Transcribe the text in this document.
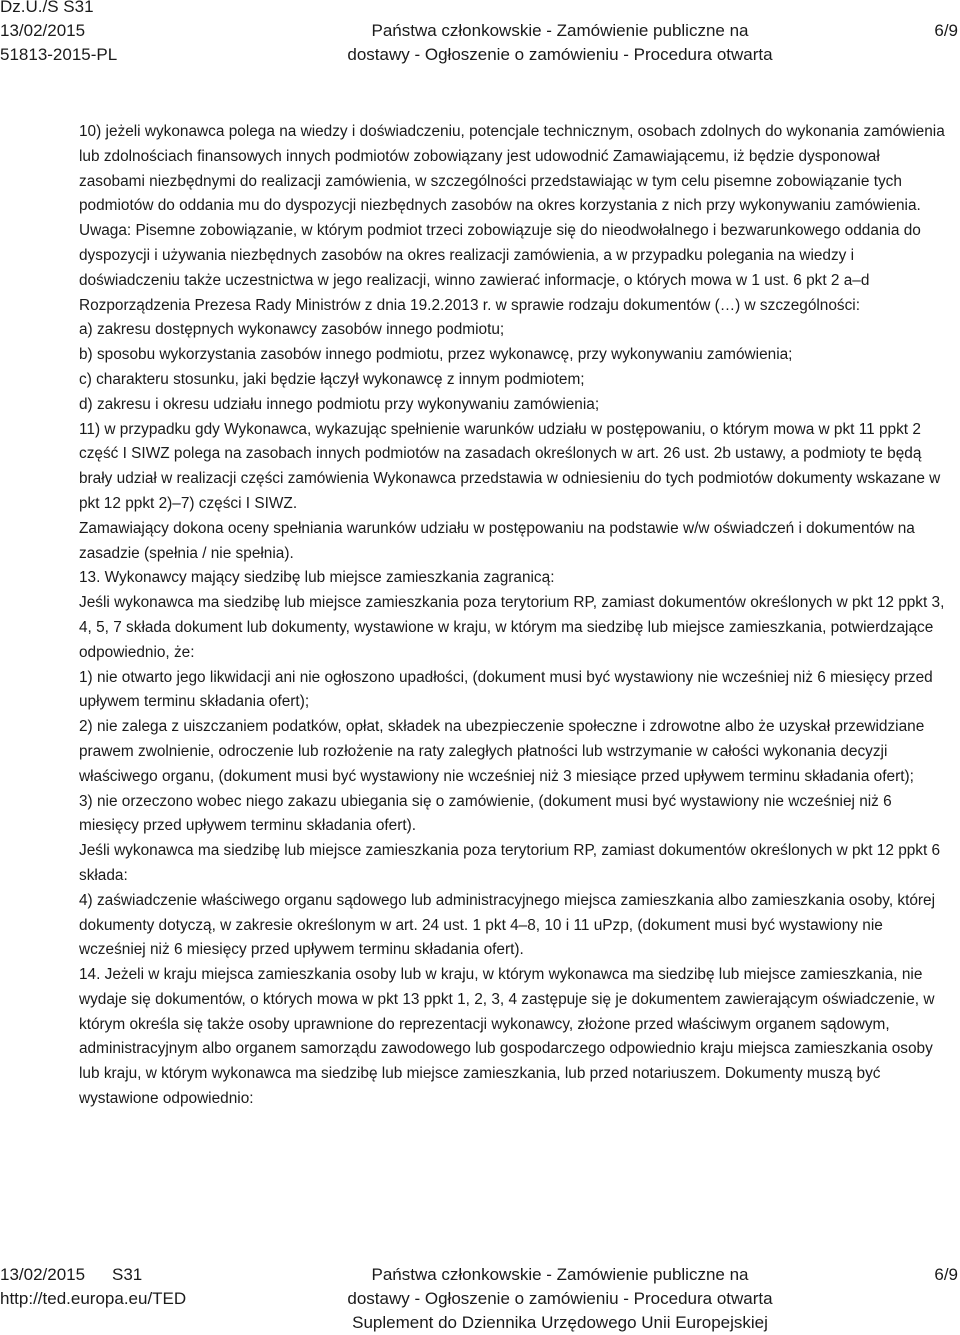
Dz.U./S S31
13/02/2015
51813-2015-PL
Państwa członkowskie - Zamówienie publiczne na
dostawy - Ogłoszenie o zamówieniu - Procedura otwarta
6/9

10) jeżeli wykonawca polega na wiedzy i doświadczeniu, potencjale technicznym, osobach zdolnych do wykonania zamówienia lub zdolnościach finansowych innych podmiotów zobowiązany jest udowodnić Zamawiającemu, iż będzie dysponował zasobami niezbędnymi do realizacji zamówienia, w szczególności przedstawiając w tym celu pisemne zobowiązanie tych podmiotów do oddania mu do dyspozycji niezbędnych zasobów na okres korzystania z nich przy wykonywaniu zamówienia.

Uwaga: Pisemne zobowiązanie, w którym podmiot trzeci zobowiązuje się do nieodwołalnego i bezwarunkowego oddania do dyspozycji i używania niezbędnych zasobów na okres realizacji zamówienia, a w przypadku polegania na wiedzy i doświadczeniu także uczestnictwa w jego realizacji, winno zawierać informacje, o których mowa w 1 ust. 6 pkt 2 a–d Rozporządzenia Prezesa Rady Ministrów z dnia 19.2.2013 r. w sprawie rodzaju dokumentów (…) w szczególności:

a) zakresu dostępnych wykonawcy zasobów innego podmiotu;

b) sposobu wykorzystania zasobów innego podmiotu, przez wykonawcę, przy wykonywaniu zamówienia;

c) charakteru stosunku, jaki będzie łączył wykonawcę z innym podmiotem;

d) zakresu i okresu udziału innego podmiotu przy wykonywaniu zamówienia;

11) w przypadku gdy Wykonawca, wykazując spełnienie warunków udziału w postępowaniu, o którym mowa w pkt 11 ppkt 2 część I SIWZ polega na zasobach innych podmiotów na zasadach określonych w art. 26 ust. 2b ustawy, a podmioty te będą brały udział w realizacji części zamówienia Wykonawca przedstawia w odniesieniu do tych podmiotów dokumenty wskazane w pkt 12 ppkt 2)–7) części I SIWZ.

Zamawiający dokona oceny spełniania warunków udziału w postępowaniu na podstawie w/w oświadczeń i dokumentów na zasadzie (spełnia / nie spełnia).

13. Wykonawcy mający siedzibę lub miejsce zamieszkania zagranicą:

Jeśli wykonawca ma siedzibę lub miejsce zamieszkania poza terytorium RP, zamiast dokumentów określonych w pkt 12 ppkt 3, 4, 5, 7 składa dokument lub dokumenty, wystawione w kraju, w którym ma siedzibę lub miejsce zamieszkania, potwierdzające odpowiednio, że:

1) nie otwarto jego likwidacji ani nie ogłoszono upadłości, (dokument musi być wystawiony nie wcześniej niż 6 miesięcy przed upływem terminu składania ofert);

2) nie zalega z uiszczaniem podatków, opłat, składek na ubezpieczenie społeczne i zdrowotne albo że uzyskał przewidziane prawem zwolnienie, odroczenie lub rozłożenie na raty zaległych płatności lub wstrzymanie w całości wykonania decyzji właściwego organu, (dokument musi być wystawiony nie wcześniej niż 3 miesiące przed upływem terminu składania ofert);

3) nie orzeczono wobec niego zakazu ubiegania się o zamówienie, (dokument musi być wystawiony nie wcześniej niż 6 miesięcy przed upływem terminu składania ofert).

Jeśli wykonawca ma siedzibę lub miejsce zamieszkania poza terytorium RP, zamiast dokumentów określonych w pkt 12 ppkt 6 składa:

4) zaświadczenie właściwego organu sądowego lub administracyjnego miejsca zamieszkania albo zamieszkania osoby, której dokumenty dotyczą, w zakresie określonym w art. 24 ust. 1 pkt 4–8, 10 i 11 uPzp, (dokument musi być wystawiony nie wcześniej niż 6 miesięcy przed upływem terminu składania ofert).

14. Jeżeli w kraju miejsca zamieszkania osoby lub w kraju, w którym wykonawca ma siedzibę lub miejsce zamieszkania, nie wydaje się dokumentów, o których mowa w pkt 13 ppkt 1, 2, 3, 4 zastępuje się je dokumentem zawierającym oświadczenie, w którym określa się także osoby uprawnione do reprezentacji wykonawcy, złożone przed właściwym organem sądowym, administracyjnym albo organem samorządu zawodowego lub gospodarczego odpowiednio kraju miejsca zamieszkania osoby lub kraju, w którym wykonawca ma siedzibę lub miejsce zamieszkania, lub przed notariuszem. Dokumenty muszą być wystawione odpowiednio:

13/02/2015 S31
http://ted.europa.eu/TED
Państwa członkowskie - Zamówienie publiczne na
dostawy - Ogłoszenie o zamówieniu - Procedura otwarta
Suplement do Dziennika Urzędowego Unii Europejskiej
6/9
